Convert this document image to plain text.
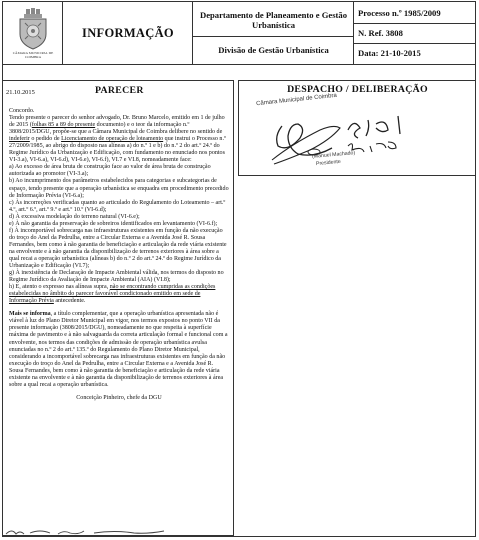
CÂMARA MUNICIPAL DE COIMBRA
INFORMAÇÃO
Departamento de Planeamento e Gestão Urbanística
Divisão de Gestão Urbanística
Processo n.º 1985/2009
N. Ref. 3808
Data: 21-10-2015
PARECER
21.10.2015

Concordo.

Tendo presente o parecer do senhor advogado, Dr. Bruno Marcelo, emitido em 1 de julho de 2015 (folhas 85 a 89 do presente documento) e o teor da informação n.º 3808/2015/DGU, propõe-se que a Câmara Municipal de Coimbra delibere no sentido de indeferir o pedido de Licenciamento de operação de loteamento que instrui o Processo n.º 27/2009/1985, ao abrigo do disposto nas alíneas a) do n.º 1 e b) do n.º 2 do art.º 24.º do Regime Jurídico da Urbanização e Edificação, com fundamento no enunciado nos pontos VI-3.a), VI-6.a), VI-6.d), VI-6.e), VI-6.f), VI.7 e VI.8, nomeadamente face:

a) Ao excesso de área bruta de construção face ao valor de área bruta de construção autorizada ao promotor (VI-3.a);

b) Ao incumprimento dos parâmetros estabelecidos para categorias e subcategorias de espaço, tendo presente que a operação urbanística se enquadra em procedimento precedido de Informação Prévia (VI-6.a);

c) Às incorreções verificadas quanto ao articulado do Regulamento do Loteamento – art.º 4.º, art.º 6.º, art.º 9.º e art.º 10.º (VI-6.d);

d) À excessiva modelação do terreno natural (VI-6.e);

e) À não garantia da preservação de sobreiros identificados em levantamento (VI-6.f);

f) À incomportável sobrecarga nas infraestruturas existentes em função da não execução do troço do Anel da Pedrulha, entre a Circular Externa e a Avenida José R. Sousa Fernandes, bem como à não garantia de beneficiação e articulação da rede viária existente na envolvente e à não garantia da disponibilização de terrenos exteriores à área sobre a qual recai a operação urbanística (alíneas b) do n.º 2 do art.º 24.º do Regime Jurídico da Urbanização e Edificação (VI.7);

g) À inexistência de Declaração de Impacte Ambiental válida, nos termos do disposto no Regime Jurídico da Avaliação de Impacte Ambiental (AIA) (VI.8);

h) E, atento o expresso nas alíneas supra, não se encontrando cumpridas as condições estabelecidas no âmbito do parecer favorável condicionado emitido em sede de Informação Prévia antecedente.

Mais se informa, a título complementar, que a operação urbanística apresentada não é viável à luz do Plano Diretor Municipal em vigor, nos termos expostos no ponto VII da presente informação (3808/2015/DGU), nomeadamente no que respeita à superfície máxima de pavimento e à não salvaguarda da correta articulação formal e funcional com a envolvente, nos termos das condições de admissão de operação urbanística avulsa enunciadas no n.º 2 do art.º 135.º do Regulamento do Plano Diretor Municipal, considerando a incomportável sobrecarga nas infraestruturas existentes em função da não execução do troço do Anel da Pedrulha, entre a Circular Externa e a Avenida José R. Sousa Fernandes, bem como à não garantia de beneficiação e articulação da rede viária existente na envolvente e à não garantia da disponibilização de terrenos exteriores à área sobre a qual recai a operação urbanística.

Conceição Pinheiro, chefe da DGU

DESPACHO / DELIBERAÇÃO
Câmara Municipal de Coimbra
(Manuel Machado)
Presidente
